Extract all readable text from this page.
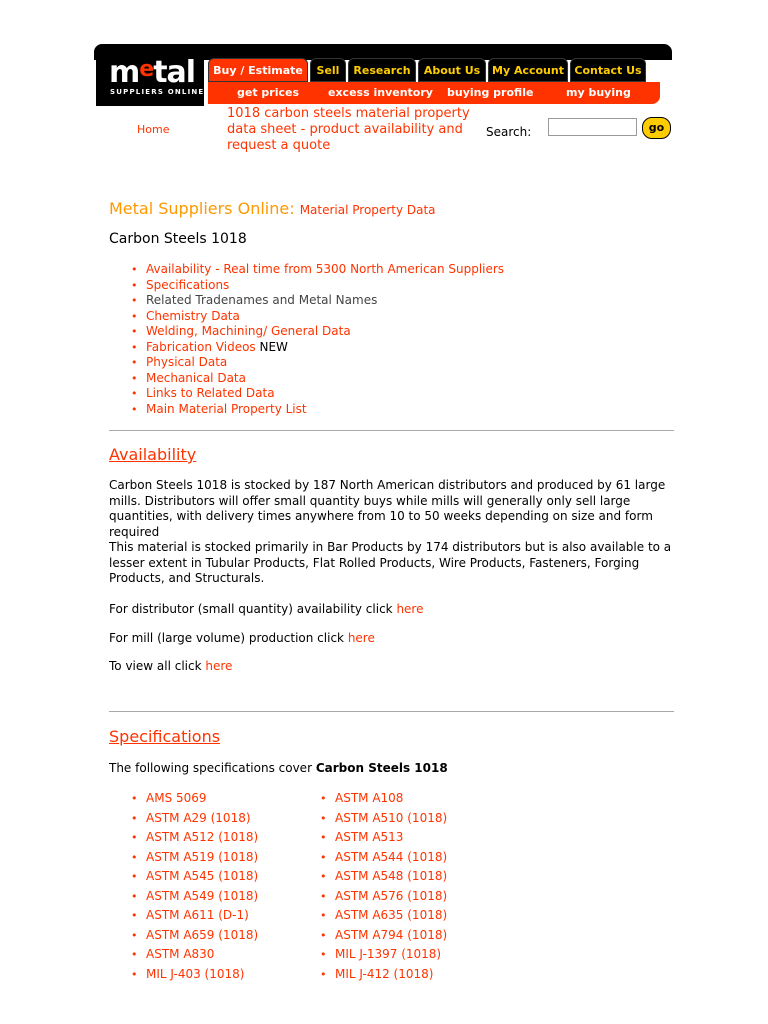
$m^etal$
SUPPLIERS ONLINE
Buy / Estimate	Sell	Research	About Us	My Account Contact Us
get prices	excess inventory buying profile	my buying
Home
1018 carbon steels material property data sheet - product availability and request a quote
Search:	go
Metal Suppliers Online: Material Property Data
Carbon Steels 1018
• Availability - Real time from 5300 North American Suppliers
• Specifications
• Related Tradenames and Metal Names
• Chemistry Data
• Welding, Machining/ General Data
• Fabrication Videos NEW
• Physical Data
• Mechanical Data
• Links to Related Data
• Main Material Property List
Availability
Carbon Steels 1018 is stocked by 187 North American distributors and produced by 61 large mills. Distributors will offer small quantity buys while mills will generally only sell large quantities, with delivery times anywhere from 10 to 50 weeks depending on size and form required
This material is stocked primarily in Bar Products by 174 distributors but is also available to a lesser extent in Tubular Products, Flat Rolled Products, Wire Products, Fasteners, Forging Products, and Structurals.
For distributor (small quantity) availability click here
For mill (large volume) production click here
To view all click here
Specifications
The following specifications cover Carbon Steels 1018
• AMS 5069
• ASTM A29 (1018)
• ASTM A512 (1018)
• ASTM A519 (1018)
• ASTM A545 (1018)
• ASTM A549 (1018)
• ASTM A611 (D-1)
• ASTM A659 (1018)
• ASTM A830
• MIL J-403 (1018)
• ASTM A108
• ASTM A510 (1018)
• ASTM A513
• ASTM A544 (1018)
• ASTM A548 (1018)
• ASTM A576 (1018)
• ASTM A635 (1018)
• ASTM A794 (1018)
• MIL J-1397 (1018)
• MIL J-412 (1018)
